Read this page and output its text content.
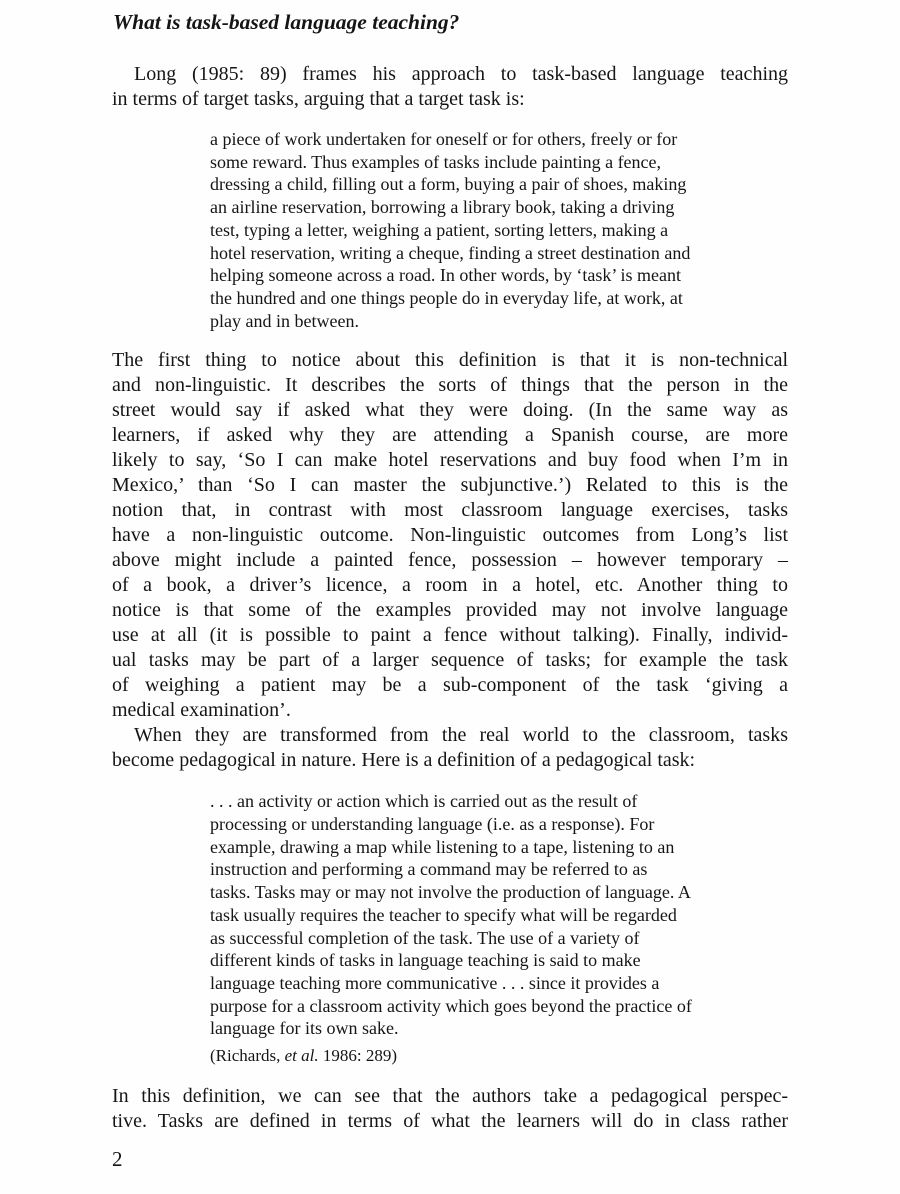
What is task-based language teaching?
Long (1985: 89) frames his approach to task-based language teaching
in terms of target tasks, arguing that a target task is:
a piece of work undertaken for oneself or for others, freely or for
some reward. Thus examples of tasks include painting a fence,
dressing a child, filling out a form, buying a pair of shoes, making
an airline reservation, borrowing a library book, taking a driving
test, typing a letter, weighing a patient, sorting letters, making a
hotel reservation, writing a cheque, finding a street destination and
helping someone across a road. In other words, by ‘task’ is meant
the hundred and one things people do in everyday life, at work, at
play and in between.
The first thing to notice about this definition is that it is non-technical
and non-linguistic. It describes the sorts of things that the person in the
street would say if asked what they were doing. (In the same way as
learners, if asked why they are attending a Spanish course, are more
likely to say, ‘So I can make hotel reservations and buy food when I’m in
Mexico,’ than ‘So I can master the subjunctive.’) Related to this is the
notion that, in contrast with most classroom language exercises, tasks
have a non-linguistic outcome. Non-linguistic outcomes from Long’s list
above might include a painted fence, possession – however temporary –
of a book, a driver’s licence, a room in a hotel, etc. Another thing to
notice is that some of the examples provided may not involve language
use at all (it is possible to paint a fence without talking). Finally, individ-
ual tasks may be part of a larger sequence of tasks; for example the task
of weighing a patient may be a sub-component of the task ‘giving a
medical examination’.
When they are transformed from the real world to the classroom, tasks
become pedagogical in nature. Here is a definition of a pedagogical task:
. . . an activity or action which is carried out as the result of
processing or understanding language (i.e. as a response). For
example, drawing a map while listening to a tape, listening to an
instruction and performing a command may be referred to as
tasks. Tasks may or may not involve the production of language. A
task usually requires the teacher to specify what will be regarded
as successful completion of the task. The use of a variety of
different kinds of tasks in language teaching is said to make
language teaching more communicative . . . since it provides a
purpose for a classroom activity which goes beyond the practice of
language for its own sake.
(Richards, et al. 1986: 289)
In this definition, we can see that the authors take a pedagogical perspec-
tive. Tasks are defined in terms of what the learners will do in class rather
2
